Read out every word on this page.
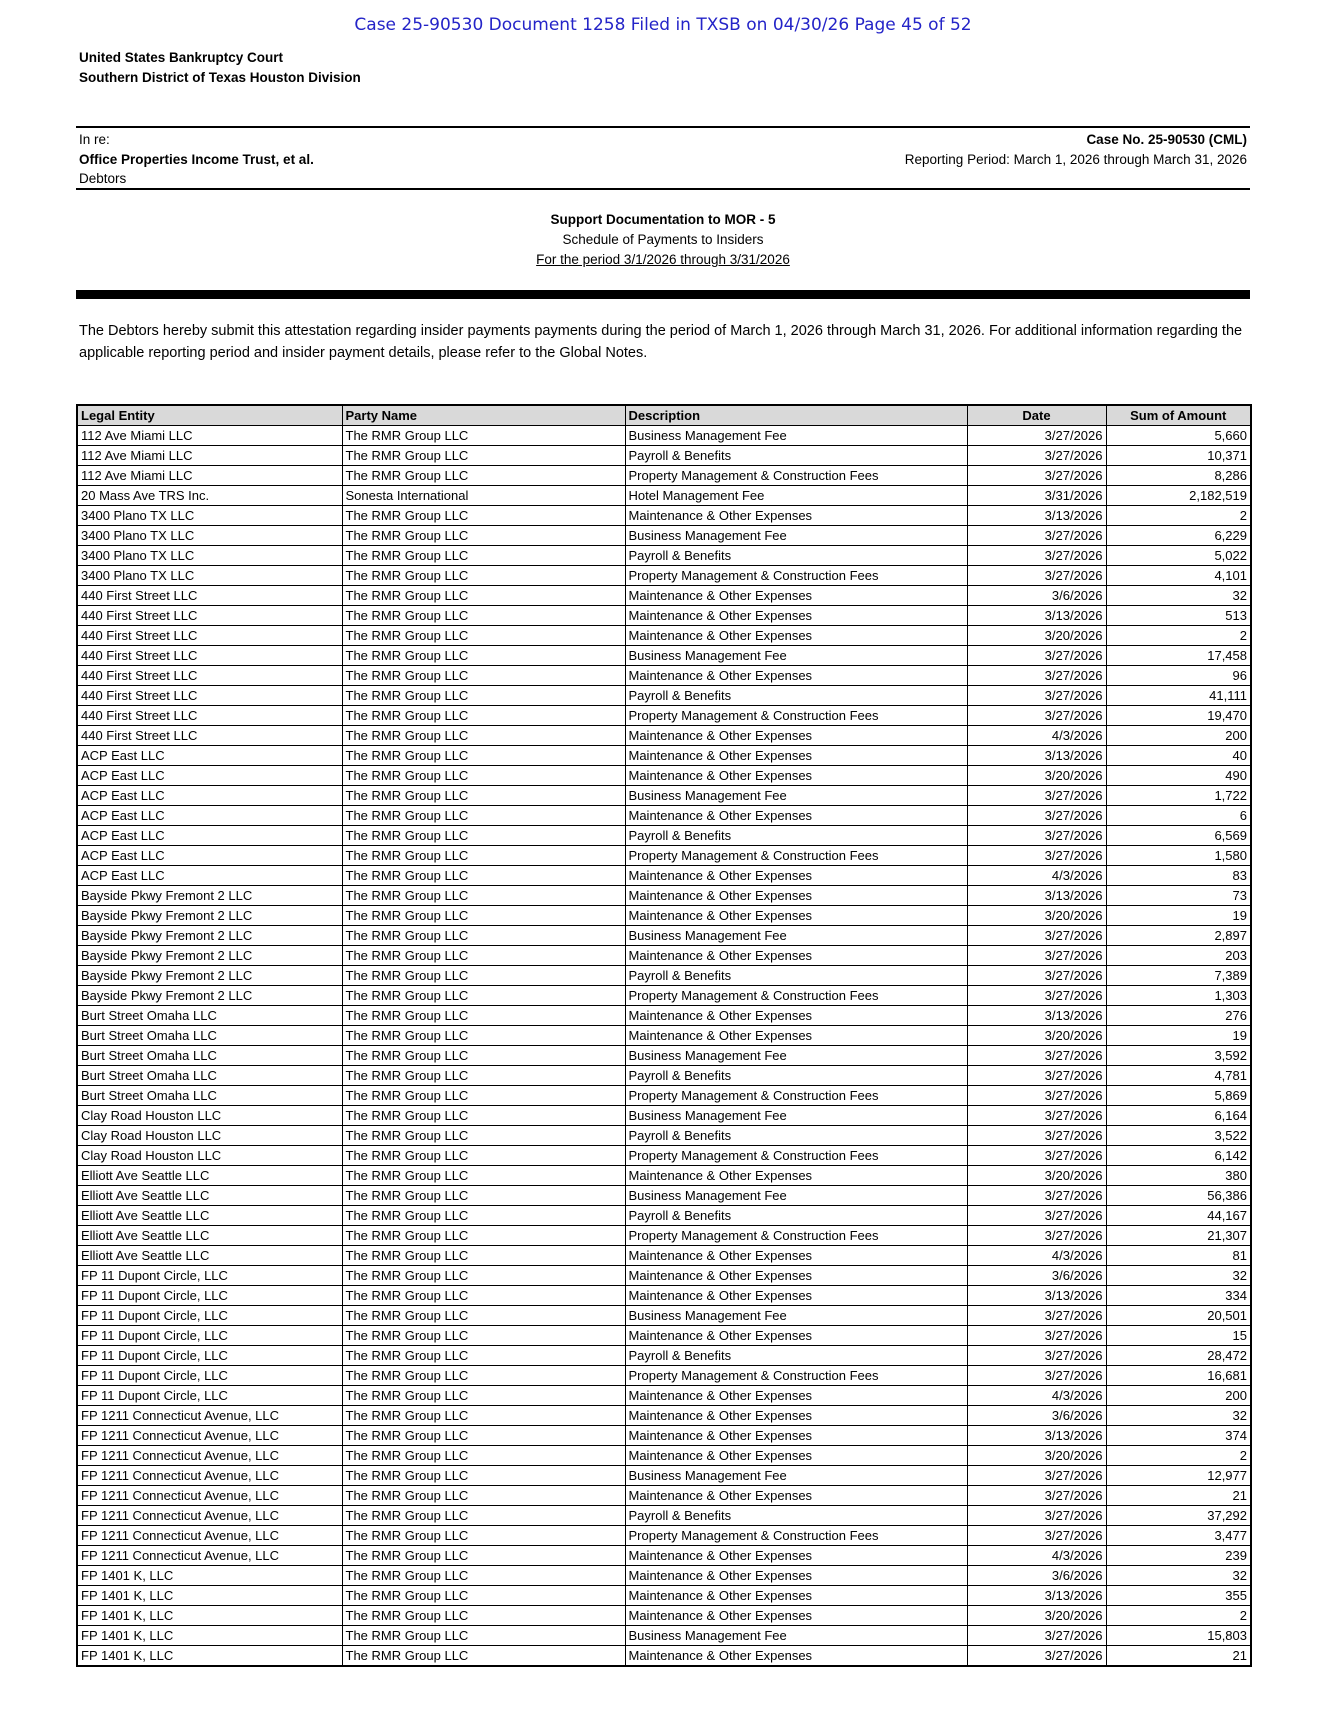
Case 25-90530 Document 1258 Filed in TXSB on 04/30/26 Page 45 of 52
United States Bankruptcy Court
Southern District of Texas Houston Division
In re:
Office Properties Income Trust, et al.
Debtors
Case No. 25-90530 (CML)
Reporting Period: March 1, 2026 through March 31, 2026
Support Documentation to MOR - 5
Schedule of Payments to Insiders
For the period 3/1/2026 through 3/31/2026
The Debtors hereby submit this attestation regarding insider payments payments during the period of March 1, 2026 through March 31, 2026. For additional information regarding the applicable reporting period and insider payment details, please refer to the Global Notes.
Legal Entity	Party Name	Description	Date	Sum of Amount
112 Ave Miami LLC	The RMR Group LLC	Business Management Fee	3/27/2026	5,660
112 Ave Miami LLC	The RMR Group LLC	Payroll & Benefits	3/27/2026	10,371
112 Ave Miami LLC	The RMR Group LLC	Property Management & Construction Fees	3/27/2026	8,286
20 Mass Ave TRS Inc.	Sonesta International	Hotel Management Fee	3/31/2026	2,182,519
3400 Plano TX LLC	The RMR Group LLC	Maintenance & Other Expenses	3/13/2026	2
3400 Plano TX LLC	The RMR Group LLC	Business Management Fee	3/27/2026	6,229
3400 Plano TX LLC	The RMR Group LLC	Payroll & Benefits	3/27/2026	5,022
3400 Plano TX LLC	The RMR Group LLC	Property Management & Construction Fees	3/27/2026	4,101
440 First Street LLC	The RMR Group LLC	Maintenance & Other Expenses	3/6/2026	32
440 First Street LLC	The RMR Group LLC	Maintenance & Other Expenses	3/13/2026	513
440 First Street LLC	The RMR Group LLC	Maintenance & Other Expenses	3/20/2026	2
440 First Street LLC	The RMR Group LLC	Business Management Fee	3/27/2026	17,458
440 First Street LLC	The RMR Group LLC	Maintenance & Other Expenses	3/27/2026	96
440 First Street LLC	The RMR Group LLC	Payroll & Benefits	3/27/2026	41,111
440 First Street LLC	The RMR Group LLC	Property Management & Construction Fees	3/27/2026	19,470
440 First Street LLC	The RMR Group LLC	Maintenance & Other Expenses	4/3/2026	200
ACP East LLC	The RMR Group LLC	Maintenance & Other Expenses	3/13/2026	40
ACP East LLC	The RMR Group LLC	Maintenance & Other Expenses	3/20/2026	490
ACP East LLC	The RMR Group LLC	Business Management Fee	3/27/2026	1,722
ACP East LLC	The RMR Group LLC	Maintenance & Other Expenses	3/27/2026	6
ACP East LLC	The RMR Group LLC	Payroll & Benefits	3/27/2026	6,569
ACP East LLC	The RMR Group LLC	Property Management & Construction Fees	3/27/2026	1,580
ACP East LLC	The RMR Group LLC	Maintenance & Other Expenses	4/3/2026	83
Bayside Pkwy Fremont 2 LLC	The RMR Group LLC	Maintenance & Other Expenses	3/13/2026	73
Bayside Pkwy Fremont 2 LLC	The RMR Group LLC	Maintenance & Other Expenses	3/20/2026	19
Bayside Pkwy Fremont 2 LLC	The RMR Group LLC	Business Management Fee	3/27/2026	2,897
Bayside Pkwy Fremont 2 LLC	The RMR Group LLC	Maintenance & Other Expenses	3/27/2026	203
Bayside Pkwy Fremont 2 LLC	The RMR Group LLC	Payroll & Benefits	3/27/2026	7,389
Bayside Pkwy Fremont 2 LLC	The RMR Group LLC	Property Management & Construction Fees	3/27/2026	1,303
Burt Street Omaha LLC	The RMR Group LLC	Maintenance & Other Expenses	3/13/2026	276
Burt Street Omaha LLC	The RMR Group LLC	Maintenance & Other Expenses	3/20/2026	19
Burt Street Omaha LLC	The RMR Group LLC	Business Management Fee	3/27/2026	3,592
Burt Street Omaha LLC	The RMR Group LLC	Payroll & Benefits	3/27/2026	4,781
Burt Street Omaha LLC	The RMR Group LLC	Property Management & Construction Fees	3/27/2026	5,869
Clay Road Houston LLC	The RMR Group LLC	Business Management Fee	3/27/2026	6,164
Clay Road Houston LLC	The RMR Group LLC	Payroll & Benefits	3/27/2026	3,522
Clay Road Houston LLC	The RMR Group LLC	Property Management & Construction Fees	3/27/2026	6,142
Elliott Ave Seattle LLC	The RMR Group LLC	Maintenance & Other Expenses	3/20/2026	380
Elliott Ave Seattle LLC	The RMR Group LLC	Business Management Fee	3/27/2026	56,386
Elliott Ave Seattle LLC	The RMR Group LLC	Payroll & Benefits	3/27/2026	44,167
Elliott Ave Seattle LLC	The RMR Group LLC	Property Management & Construction Fees	3/27/2026	21,307
Elliott Ave Seattle LLC	The RMR Group LLC	Maintenance & Other Expenses	4/3/2026	81
FP 11 Dupont Circle, LLC	The RMR Group LLC	Maintenance & Other Expenses	3/6/2026	32
FP 11 Dupont Circle, LLC	The RMR Group LLC	Maintenance & Other Expenses	3/13/2026	334
FP 11 Dupont Circle, LLC	The RMR Group LLC	Business Management Fee	3/27/2026	20,501
FP 11 Dupont Circle, LLC	The RMR Group LLC	Maintenance & Other Expenses	3/27/2026	15
FP 11 Dupont Circle, LLC	The RMR Group LLC	Payroll & Benefits	3/27/2026	28,472
FP 11 Dupont Circle, LLC	The RMR Group LLC	Property Management & Construction Fees	3/27/2026	16,681
FP 11 Dupont Circle, LLC	The RMR Group LLC	Maintenance & Other Expenses	4/3/2026	200
FP 1211 Connecticut Avenue, LLC	The RMR Group LLC	Maintenance & Other Expenses	3/6/2026	32
FP 1211 Connecticut Avenue, LLC	The RMR Group LLC	Maintenance & Other Expenses	3/13/2026	374
FP 1211 Connecticut Avenue, LLC	The RMR Group LLC	Maintenance & Other Expenses	3/20/2026	2
FP 1211 Connecticut Avenue, LLC	The RMR Group LLC	Business Management Fee	3/27/2026	12,977
FP 1211 Connecticut Avenue, LLC	The RMR Group LLC	Maintenance & Other Expenses	3/27/2026	21
FP 1211 Connecticut Avenue, LLC	The RMR Group LLC	Payroll & Benefits	3/27/2026	37,292
FP 1211 Connecticut Avenue, LLC	The RMR Group LLC	Property Management & Construction Fees	3/27/2026	3,477
FP 1211 Connecticut Avenue, LLC	The RMR Group LLC	Maintenance & Other Expenses	4/3/2026	239
FP 1401 K, LLC	The RMR Group LLC	Maintenance & Other Expenses	3/6/2026	32
FP 1401 K, LLC	The RMR Group LLC	Maintenance & Other Expenses	3/13/2026	355
FP 1401 K, LLC	The RMR Group LLC	Maintenance & Other Expenses	3/20/2026	2
FP 1401 K, LLC	The RMR Group LLC	Business Management Fee	3/27/2026	15,803
FP 1401 K, LLC	The RMR Group LLC	Maintenance & Other Expenses	3/27/2026	21
